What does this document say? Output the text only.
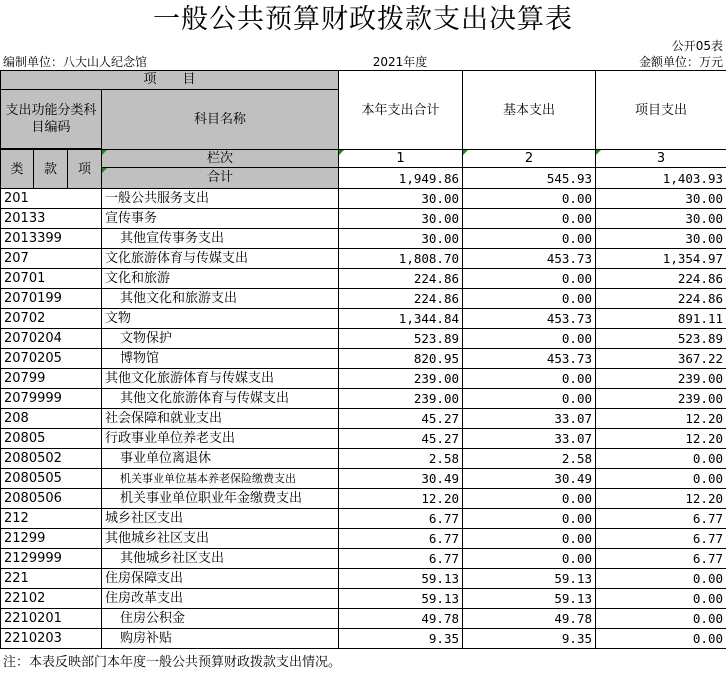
一般公共预算财政拨款支出决算表
公开05表
编制单位：八大山人纪念馆	2021年度	金额单位：万元
项　　目				本年支出合计	基本支出	项目支出
支出功能分类科目编码			科目名称			

类	款	项	栏次	1	2	3
			合计	1,949.86	545.93	1,403.93
201			一般公共服务支出	30.00	0.00	30.00
20133			宣传事务	30.00	0.00	30.00
2013399			其他宣传事务支出	30.00	0.00	30.00
207			文化旅游体育与传媒支出	1,808.70	453.73	1,354.97
20701			文化和旅游	224.86	0.00	224.86
2070199			其他文化和旅游支出	224.86	0.00	224.86
20702			文物	1,344.84	453.73	891.11
2070204			文物保护	523.89	0.00	523.89
2070205			博物馆	820.95	453.73	367.22
20799			其他文化旅游体育与传媒支出	239.00	0.00	239.00
2079999			其他文化旅游体育与传媒支出	239.00	0.00	239.00
208			社会保障和就业支出	45.27	33.07	12.20
20805			行政事业单位养老支出	45.27	33.07	12.20
2080502			事业单位离退休	2.58	2.58	0.00
2080505			机关事业单位基本养老保险缴费支出	30.49	30.49	0.00
2080506			机关事业单位职业年金缴费支出	12.20	0.00	12.20
212			城乡社区支出	6.77	0.00	6.77
21299			其他城乡社区支出	6.77	0.00	6.77
2129999			其他城乡社区支出	6.77	0.00	6.77
221			住房保障支出	59.13	59.13	0.00
22102			住房改革支出	59.13	59.13	0.00
2210201			住房公积金	49.78	49.78	0.00
2210203			购房补贴	9.35	9.35	0.00
注：本表反映部门本年度一般公共预算财政拨款支出情况。
